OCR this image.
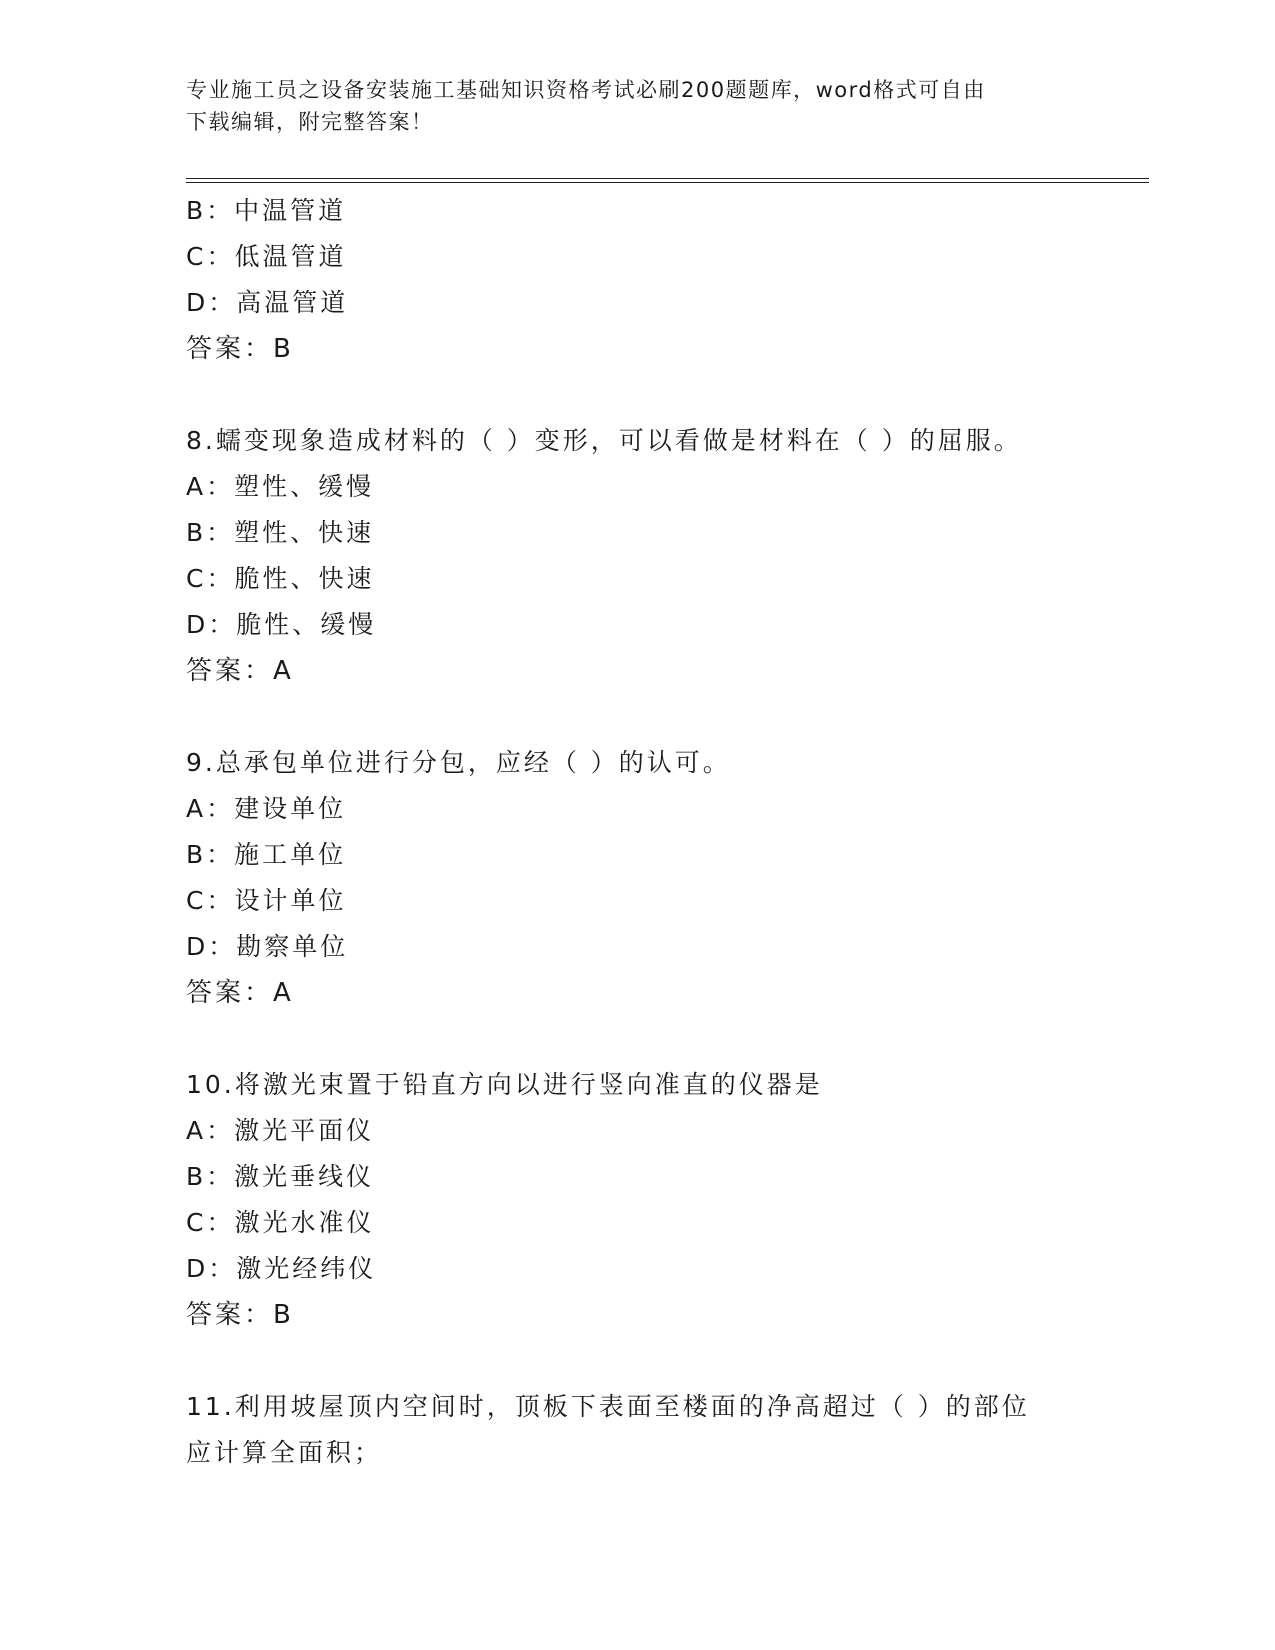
专业施工员之设备安装施工基础知识资格考试必刷200题题库，word格式可自由
下载编辑，附完整答案！
B：中温管道
C：低温管道
D：高温管道
答案：B
8.蠕变现象造成材料的（ ）变形，可以看做是材料在（ ）的屈服。
A：塑性、缓慢
B：塑性、快速
C：脆性、快速
D：脆性、缓慢
答案：A
9.总承包单位进行分包，应经（ ）的认可。
A：建设单位
B：施工单位
C：设计单位
D：勘察单位
答案：A
10.将激光束置于铅直方向以进行竖向准直的仪器是
A：激光平面仪
B：激光垂线仪
C：激光水准仪
D：激光经纬仪
答案：B
11.利用坡屋顶内空间时，顶板下表面至楼面的净高超过（ ）的部位
应计算全面积；
